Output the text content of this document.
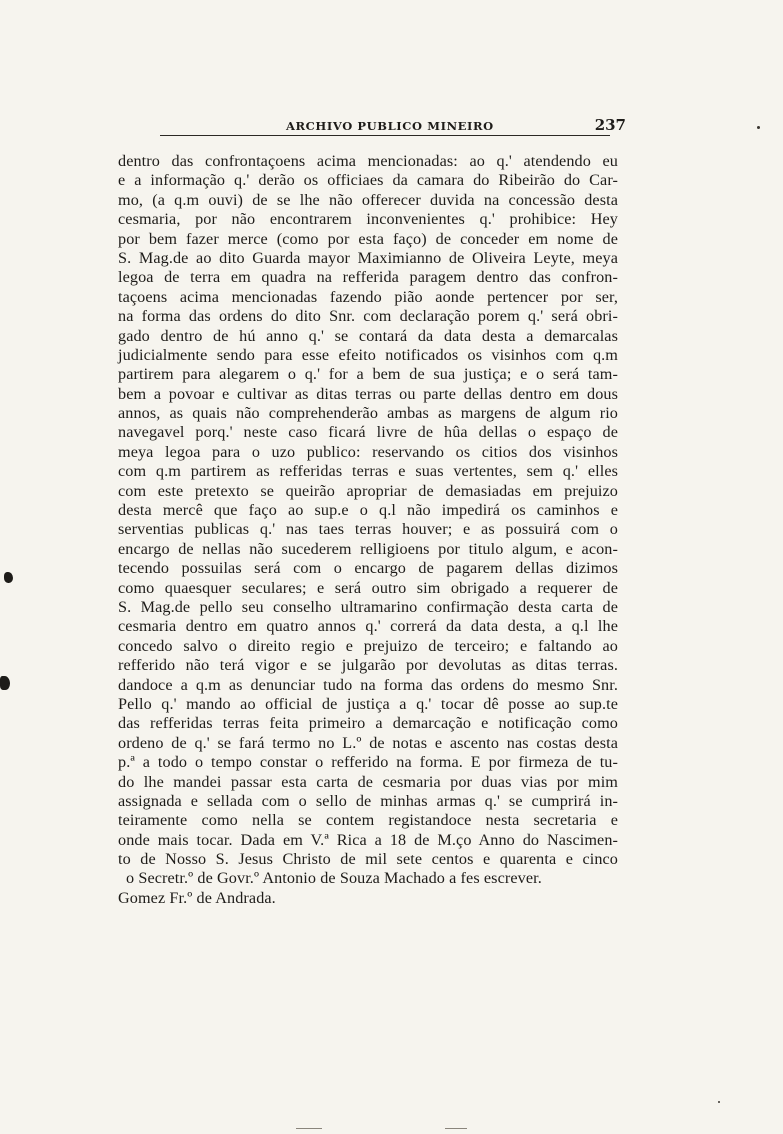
ARCHIVO PUBLICO MINEIRO	237
dentro das confrontaçoens acima mencionadas: ao q.' atendendo eu
e a informação q.' derão os officiaes da camara do Ribeirão do Car-
mo, (a q.m ouvi) de se lhe não offerecer duvida na concessão desta
cesmaria, por não encontrarem inconvenientes q.' prohibice: Hey
por bem fazer merce (como por esta faço) de conceder em nome de
S. Mag.de ao dito Guarda mayor Maximianno de Oliveira Leyte, meya
legoa de terra em quadra na refferida paragem dentro das confron-
taçoens acima mencionadas fazendo pião aonde pertencer por ser,
na forma das ordens do dito Snr. com declaração porem q.' será obri-
gado dentro de hú anno q.' se contará da data desta a demarcalas
judicialmente sendo para esse efeito notificados os visinhos com q.m
partirem para alegarem o q.' for a bem de sua justiça; e o será tam-
bem a povoar e cultivar as ditas terras ou parte dellas dentro em dous
annos, as quais não comprehenderão ambas as margens de algum rio
navegavel porq.' neste caso ficará livre de hûa dellas o espaço de
meya legoa para o uzo publico: reservando os citios dos visinhos
com q.m partirem as refferidas terras e suas vertentes, sem q.' elles
com este pretexto se queirão apropriar de demasiadas em prejuizo
desta mercê que faço ao sup.e o q.l não impedirá os caminhos e
serventias publicas q.' nas taes terras houver; e as possuirá com o
encargo de nellas não sucederem relligioens por titulo algum, e acon-
tecendo possuilas será com o encargo de pagarem dellas dizimos
como quaesquer seculares; e será outro sim obrigado a requerer de
S. Mag.de pello seu conselho ultramarino confirmação desta carta de
cesmaria dentro em quatro annos q.' correrá da data desta, a q.l lhe
concedo salvo o direito regio e prejuizo de terceiro; e faltando ao
refferido não terá vigor e se julgarão por devolutas as ditas terras.
dandoce a q.m as denunciar tudo na forma das ordens do mesmo Snr.
Pello q.' mando ao official de justiça a q.' tocar dê posse ao sup.te
das refferidas terras feita primeiro a demarcação e notificação como
ordeno de q.' se fará termo no L.º de notas e ascento nas costas desta
p.ª a todo o tempo constar o refferido na forma. E por firmeza de tu-
do lhe mandei passar esta carta de cesmaria por duas vias por mim
assignada e sellada com o sello de minhas armas q.' se cumprirá in-
teiramente como nella se contem registandoce nesta secretaria e
onde mais tocar. Dada em V.ª Rica a 18 de M.ço Anno do Nascimen-
to de Nosso S. Jesus Christo de mil sete centos e quarenta e cinco
o Secretr.º de Govr.º Antonio de Souza Machado a fes escrever.
Gomez Fr.º de Andrada.
